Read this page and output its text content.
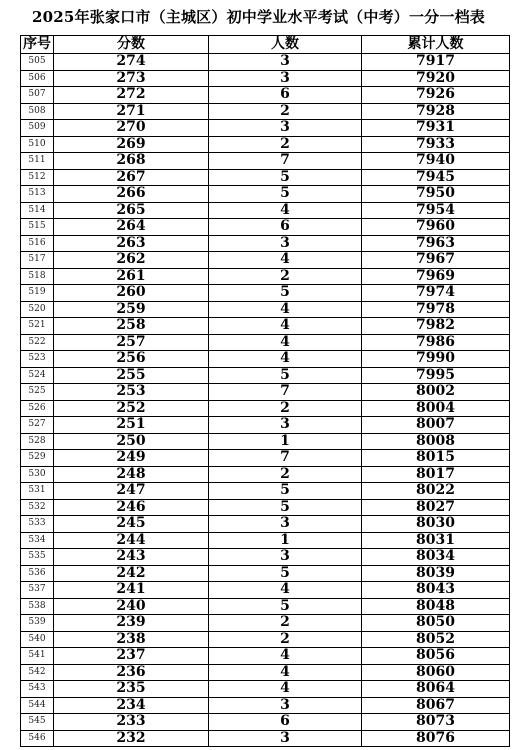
2025年张家口市（主城区）初中学业水平考试（中考）一分一档表
序号	分数	人数	累计人数
505	274	3	7917
506	273	3	7920
507	272	6	7926
508	271	2	7928
509	270	3	7931
510	269	2	7933
511	268	7	7940
512	267	5	7945
513	266	5	7950
514	265	4	7954
515	264	6	7960
516	263	3	7963
517	262	4	7967
518	261	2	7969
519	260	5	7974
520	259	4	7978
521	258	4	7982
522	257	4	7986
523	256	4	7990
524	255	5	7995
525	253	7	8002
526	252	2	8004
527	251	3	8007
528	250	1	8008
529	249	7	8015
530	248	2	8017
531	247	5	8022
532	246	5	8027
533	245	3	8030
534	244	1	8031
535	243	3	8034
536	242	5	8039
537	241	4	8043
538	240	5	8048
539	239	2	8050
540	238	2	8052
541	237	4	8056
542	236	4	8060
543	235	4	8064
544	234	3	8067
545	233	6	8073
546	232	3	8076
